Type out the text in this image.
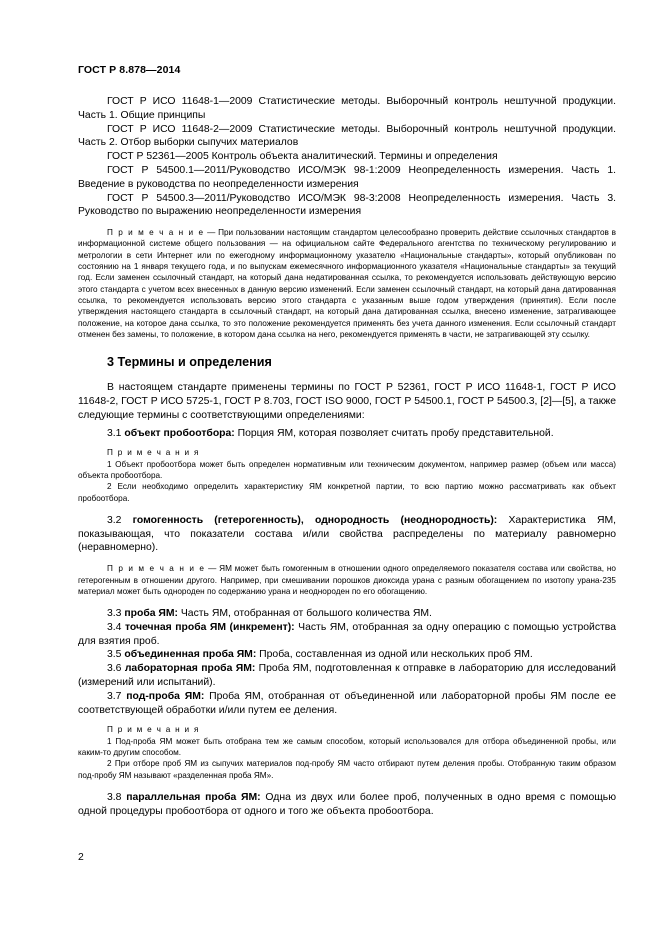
ГОСТ Р 8.878—2014

ГОСТ Р ИСО 11648-1—2009 Статистические методы. Выборочный контроль нештучной продукции. Часть 1. Общие принципы

ГОСТ Р ИСО 11648-2—2009 Статистические методы. Выборочный контроль нештучной продукции. Часть 2. Отбор выборки сыпучих материалов

ГОСТ Р 52361—2005 Контроль объекта аналитический. Термины и определения

ГОСТ Р 54500.1—2011/Руководство ИСО/МЭК 98-1:2009 Неопределенность измерения. Часть 1. Введение в руководства по неопределенности измерения

ГОСТ Р 54500.3—2011/Руководство ИСО/МЭК 98-3:2008 Неопределенность измерения. Часть 3. Руководство по выражению неопределенности измерения

П р и м е ч а н и е — При пользовании настоящим стандартом целесообразно проверить действие ссылочных стандартов в информационной системе общего пользования — на официальном сайте Федерального агентства по техническому регулированию и метрологии в сети Интернет или по ежегодному информационному указателю «Национальные стандарты», который опубликован по состоянию на 1 января текущего года, и по выпускам ежемесячного информационного указателя «Национальные стандарты» за текущий год. Если заменен ссылочный стандарт, на который дана недатированная ссылка, то рекомендуется использовать действующую версию этого стандарта с учетом всех внесенных в данную версию изменений. Если заменен ссылочный стандарт, на который дана датированная ссылка, то рекомендуется использовать версию этого стандарта с указанным выше годом утверждения (принятия). Если после утверждения настоящего стандарта в ссылочный стандарт, на который дана датированная ссылка, внесено изменение, затрагивающее положение, на которое дана ссылка, то это положение рекомендуется применять без учета данного изменения. Если ссылочный стандарт отменен без замены, то положение, в котором дана ссылка на него, рекомендуется применять в части, не затрагивающей эту ссылку.

3 Термины и определения

В настоящем стандарте применены термины по ГОСТ Р 52361, ГОСТ Р ИСО 11648-1, ГОСТ Р ИСО 11648-2, ГОСТ Р ИСО 5725-1, ГОСТ Р 8.703, ГОСТ ISO 9000, ГОСТ Р 54500.1, ГОСТ Р 54500.3, [2]—[5], а также следующие термины с соответствующими определениями:

3.1 объект пробоотбора: Порция ЯМ, которая позволяет считать пробу представительной.

П р и м е ч а н и я

1 Объект пробоотбора может быть определен нормативным или техническим документом, например размер (объем или масса) объекта пробоотбора.

2 Если необходимо определить характеристику ЯМ конкретной партии, то всю партию можно рассматривать как объект пробоотбора.

3.2 гомогенность (гетерогенность), однородность (неоднородность): Характеристика ЯМ, показывающая, что показатели состава и/или свойства распределены по материалу равномерно (неравномерно).

П р и м е ч а н и е — ЯМ может быть гомогенным в отношении одного определяемого показателя состава или свойства, но гетерогенным в отношении другого. Например, при смешивании порошков диоксида урана с разным обогащением по изотопу урана-235 материал может быть однороден по содержанию урана и неоднороден по его обогащению.

3.3 проба ЯМ: Часть ЯМ, отобранная от большого количества ЯМ.

3.4 точечная проба ЯМ (инкремент): Часть ЯМ, отобранная за одну операцию с помощью устройства для взятия проб.

3.5 объединенная проба ЯМ: Проба, составленная из одной или нескольких проб ЯМ.

3.6 лабораторная проба ЯМ: Проба ЯМ, подготовленная к отправке в лабораторию для исследований (измерений или испытаний).

3.7 под-проба ЯМ: Проба ЯМ, отобранная от объединенной или лабораторной пробы ЯМ после ее соответствующей обработки и/или путем ее деления.

П р и м е ч а н и я

1 Под-проба ЯМ может быть отобрана тем же самым способом, который использовался для отбора объединенной пробы, или каким-то другим способом.

2 При отборе проб ЯМ из сыпучих материалов под-пробу ЯМ часто отбирают путем деления пробы. Отобранную таким образом под-пробу ЯМ называют «разделенная проба ЯМ».

3.8 параллельная проба ЯМ: Одна из двух или более проб, полученных в одно время с помощью одной процедуры пробоотбора от одного и того же объекта пробоотбора.

2
